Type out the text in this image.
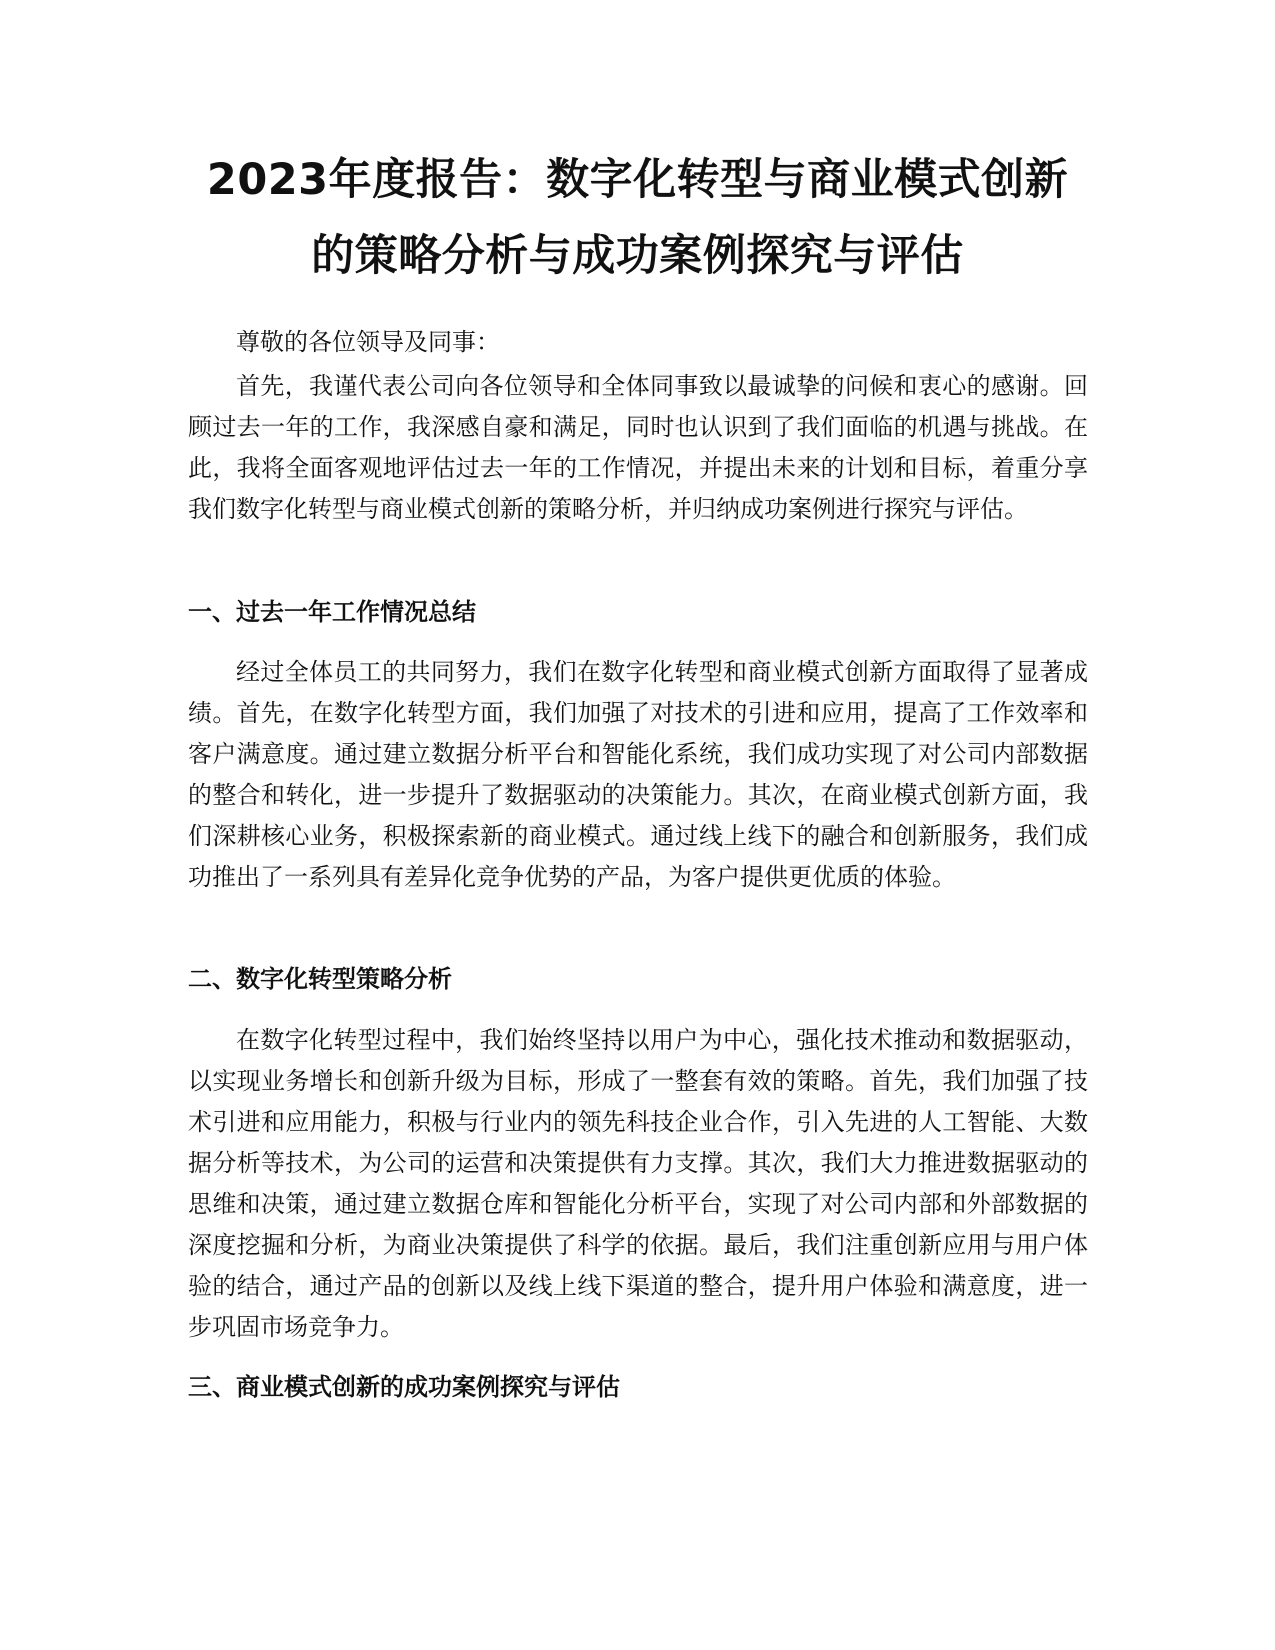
2023年度报告：数字化转型与商业模式创新
的策略分析与成功案例探究与评估

尊敬的各位领导及同事：

首先，我谨代表公司向各位领导和全体同事致以最诚挚的问候和衷心的感谢。回顾过去一年的工作，我深感自豪和满足，同时也认识到了我们面临的机遇与挑战。在此，我将全面客观地评估过去一年的工作情况，并提出未来的计划和目标，着重分享我们数字化转型与商业模式创新的策略分析，并归纳成功案例进行探究与评估。

一、过去一年工作情况总结

经过全体员工的共同努力，我们在数字化转型和商业模式创新方面取得了显著成绩。首先，在数字化转型方面，我们加强了对技术的引进和应用，提高了工作效率和客户满意度。通过建立数据分析平台和智能化系统，我们成功实现了对公司内部数据的整合和转化，进一步提升了数据驱动的决策能力。其次，在商业模式创新方面，我们深耕核心业务，积极探索新的商业模式。通过线上线下的融合和创新服务，我们成功推出了一系列具有差异化竞争优势的产品，为客户提供更优质的体验。

二、数字化转型策略分析

在数字化转型过程中，我们始终坚持以用户为中心，强化技术推动和数据驱动，以实现业务增长和创新升级为目标，形成了一整套有效的策略。首先，我们加强了技术引进和应用能力，积极与行业内的领先科技企业合作，引入先进的人工智能、大数据分析等技术，为公司的运营和决策提供有力支撑。其次，我们大力推进数据驱动的思维和决策，通过建立数据仓库和智能化分析平台，实现了对公司内部和外部数据的深度挖掘和分析，为商业决策提供了科学的依据。最后，我们注重创新应用与用户体验的结合，通过产品的创新以及线上线下渠道的整合，提升用户体验和满意度，进一步巩固市场竞争力。

三、商业模式创新的成功案例探究与评估
